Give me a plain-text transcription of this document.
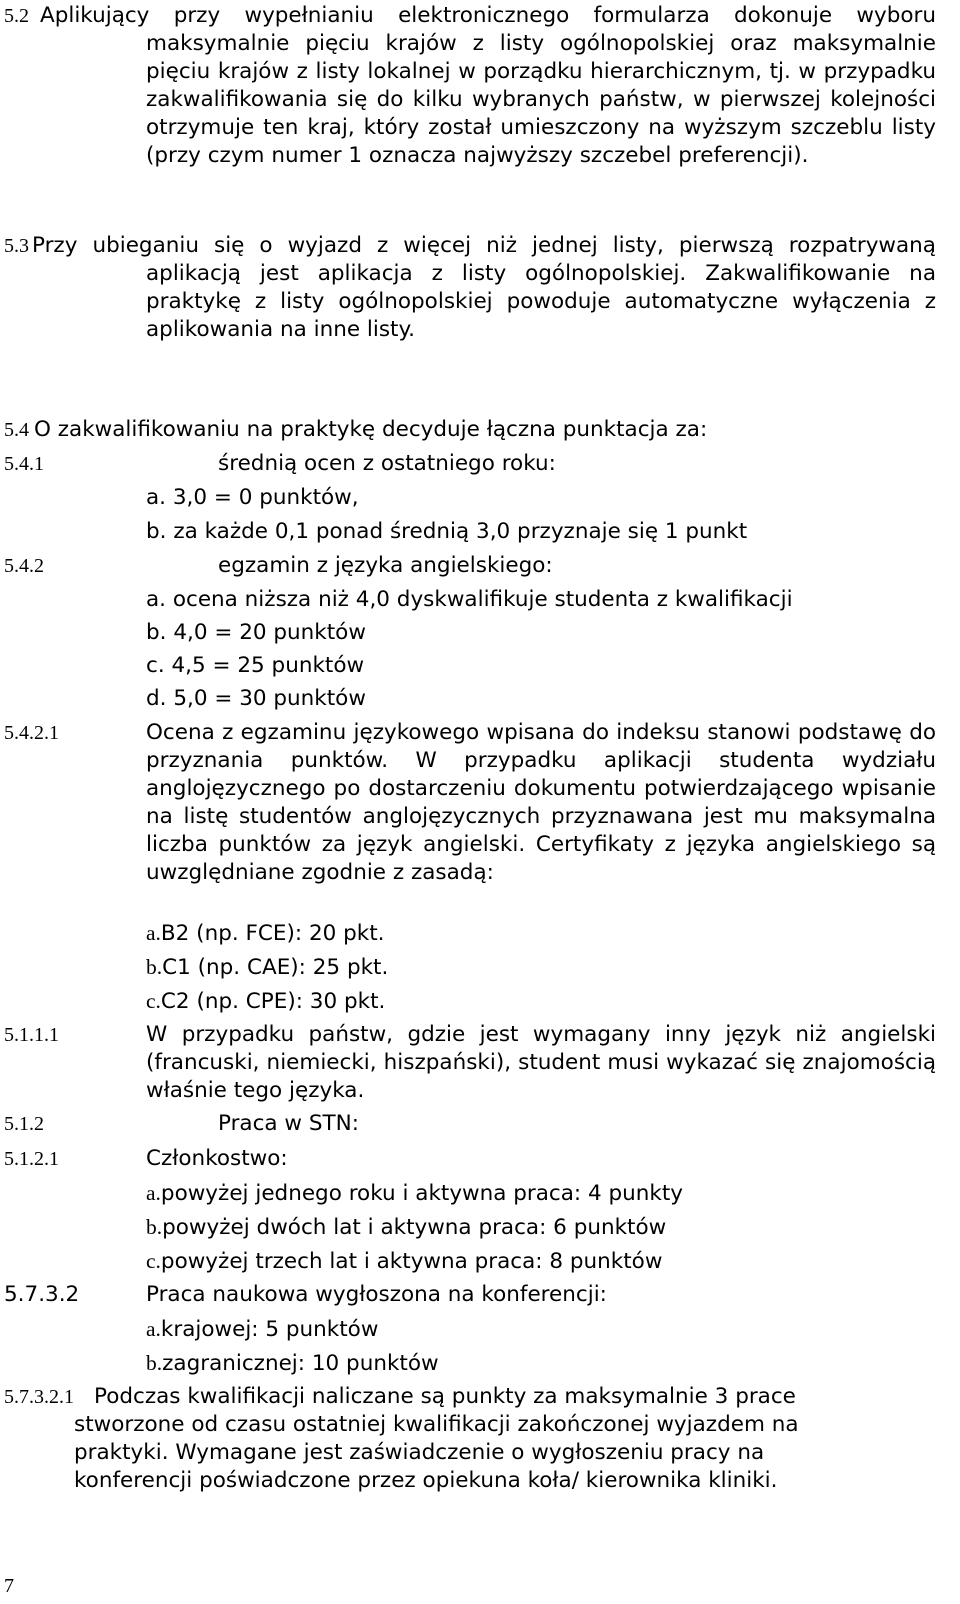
5.2 Aplikujący przy wypełnianiu elektronicznego formularza dokonuje wyboru maksymalnie pięciu krajów z listy ogólnopolskiej oraz maksymalnie pięciu krajów z listy lokalnej w porządku hierarchicznym, tj. w przypadku zakwalifikowania się do kilku wybranych państw, w pierwszej kolejności otrzymuje ten kraj, który został umieszczony na wyższym szczeblu listy (przy czym numer 1 oznacza najwyższy szczebel preferencji).
5.3 Przy ubieganiu się o wyjazd z więcej niż jednej listy, pierwszą rozpatrywaną aplikacją jest aplikacja z listy ogólnopolskiej. Zakwalifikowanie na praktykę z listy ogólnopolskiej powoduje automatyczne wyłączenia z aplikowania na inne listy.
5.4 O zakwalifikowaniu na praktykę decyduje łączna punktacja za:
5.4.1	średnią ocen z ostatniego roku:
a. 3,0 = 0 punktów,
b. za każde 0,1 ponad średnią 3,0 przyznaje się 1 punkt
5.4.2	egzamin z języka angielskiego:
a. ocena niższa niż 4,0 dyskwalifikuje studenta z kwalifikacji
b. 4,0 = 20 punktów
c. 4,5 = 25 punktów
d. 5,0 = 30 punktów
5.4.2.1	Ocena z egzaminu językowego wpisana do indeksu stanowi podstawę do przyznania punktów. W przypadku aplikacji studenta wydziału anglojęzycznego po dostarczeniu dokumentu potwierdzającego wpisanie na listę studentów anglojęzycznych przyznawana jest mu maksymalna liczba punktów za język angielski. Certyfikaty z języka angielskiego są uwzględniane zgodnie z zasadą:
a.B2 (np. FCE): 20 pkt.
b.C1 (np. CAE): 25 pkt.
c.C2 (np. CPE): 30 pkt.
5.1.1.1	W przypadku państw, gdzie jest wymagany inny język niż angielski (francuski, niemiecki, hiszpański), student musi wykazać się znajomością właśnie tego języka.
5.1.2	Praca w STN:
5.1.2.1	Członkostwo:
a.powyżej jednego roku i aktywna praca: 4 punkty
b.powyżej dwóch lat i aktywna praca: 6 punktów
c.powyżej trzech lat i aktywna praca: 8 punktów
5.7.3.2	Praca naukowa wygłoszona na konferencji:
a.krajowej: 5 punktów
b.zagranicznej: 10 punktów
5.7.3.2.1 Podczas kwalifikacji naliczane są punkty za maksymalnie 3 prace stworzone od czasu ostatniej kwalifikacji zakończonej wyjazdem na praktyki. Wymagane jest zaświadczenie o wygłoszeniu pracy na konferencji poświadczone przez opiekuna koła/ kierownika kliniki.
7
